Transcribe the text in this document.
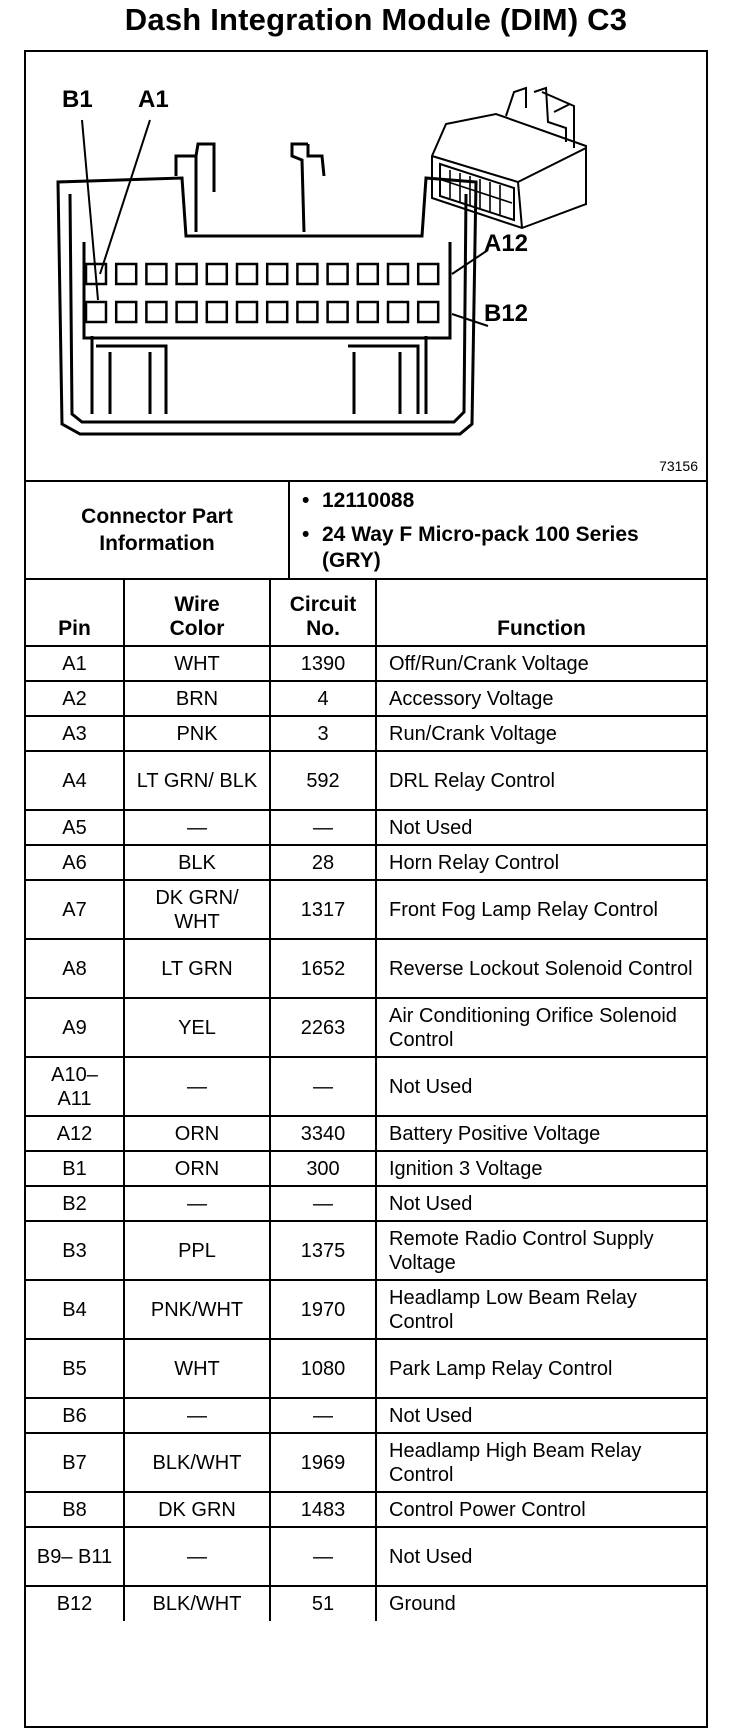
Dash Integration Module (DIM) C3
B1 A1
A12
B12
73156
Connector Part Information
• 12110088
• 24 Way F Micro-pack 100 Series (GRY)
Pin	Wire Color	Circuit No.	Function
A1	WHT	1390	Off/Run/Crank Voltage
A2	BRN	4	Accessory Voltage
A3	PNK	3	Run/Crank Voltage
A4	LT GRN/ BLK	592	DRL Relay Control
A5	—	—	Not Used
A6	BLK	28	Horn Relay Control
A7	DK GRN/ WHT	1317	Front Fog Lamp Relay Control
A8	LT GRN	1652	Reverse Lockout Solenoid Control
A9	YEL	2263	Air Conditioning Orifice Solenoid Control
A10– A11	—	—	Not Used
A12	ORN	3340	Battery Positive Voltage
B1	ORN	300	Ignition 3 Voltage
B2	—	—	Not Used
B3	PPL	1375	Remote Radio Control Supply Voltage
B4	PNK/WHT	1970	Headlamp Low Beam Relay Control
B5	WHT	1080	Park Lamp Relay Control
B6	—	—	Not Used
B7	BLK/WHT	1969	Headlamp High Beam Relay Control
B8	DK GRN	1483	Control Power Control
B9– B11	—	—	Not Used
B12	BLK/WHT	51	Ground
